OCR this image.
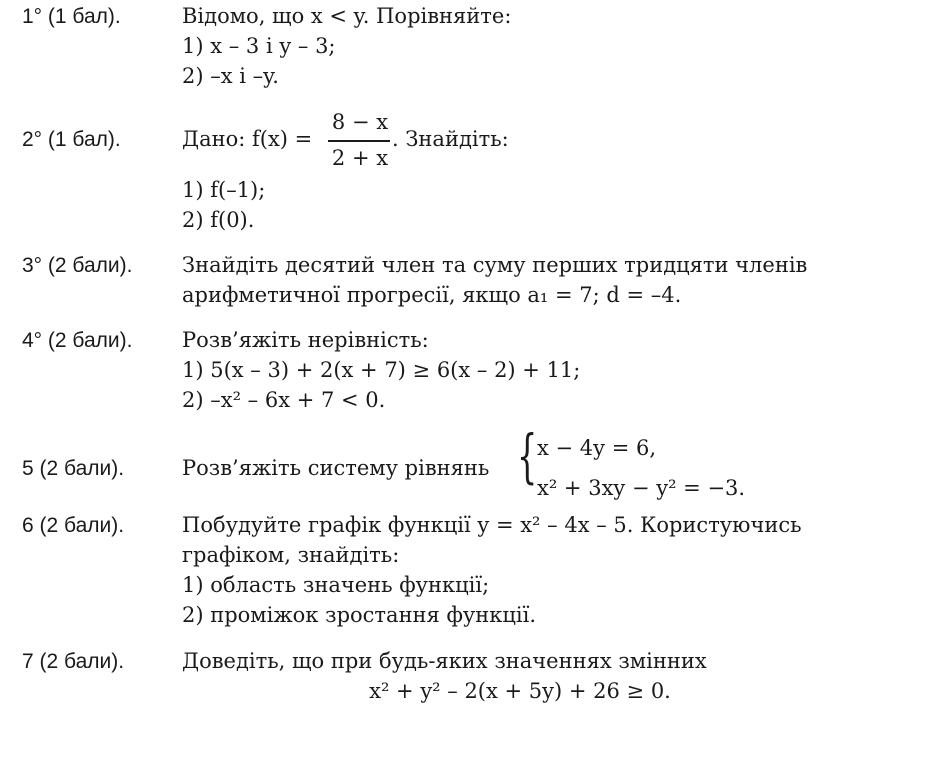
1° (1 бал).	Відомо, що x < y. Порівняйте:
1) x – 3 і y – 3;
2) –x і –y.
2° (1 бал).	Дано: f(x) =
8 − x
2 + x
. Знайдіть:
1) f(–1);
2) f(0).
3° (2 бали). Знайдіть десятий член та суму перших тридцяти членів
арифметичної прогресії, якщо a₁ = 7; d = –4.
4° (2 бали). Розв’яжіть нерівність:
1) 5(x – 3) + 2(x + 7) ≥ 6(x – 2) + 11;
2) –x² – 6x + 7 < 0.
5 (2 бали).	Розв’яжіть систему рівнянь { x − 4y = 6,
x² + 3xy − y² = −3.
6 (2 бали).	Побудуйте графік функції y = x² – 4x – 5. Користуючись
графіком, знайдіть:
1) область значень функції;
2) проміжок зростання функції.
7 (2 бали).	Доведіть, що при будь-яких значеннях змінних
x² + y² – 2(x + 5y) + 26 ≥ 0.
